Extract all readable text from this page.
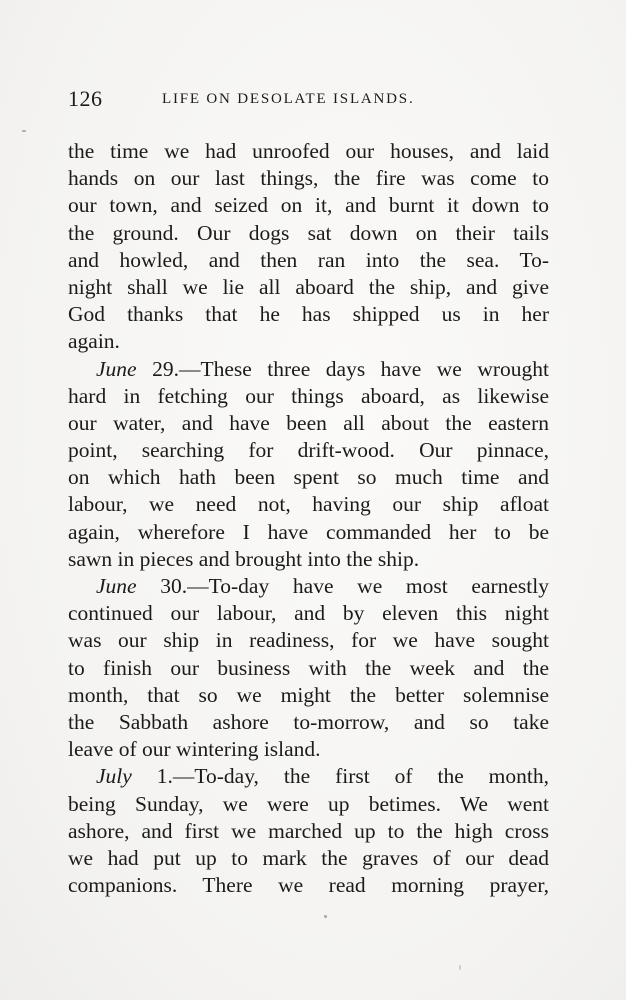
126	LIFE ON DESOLATE ISLANDS.
the time we had unroofed our houses, and laid
hands on our last things, the fire was come to
our town, and seized on it, and burnt it down to
the ground. Our dogs sat down on their tails
and howled, and then ran into the sea. To-
night shall we lie all aboard the ship, and give
God thanks that he has shipped us in her
again.
June 29.—These three days have we wrought
hard in fetching our things aboard, as likewise
our water, and have been all about the eastern
point, searching for drift-wood. Our pinnace,
on which hath been spent so much time and
labour, we need not, having our ship afloat
again, wherefore I have commanded her to be
sawn in pieces and brought into the ship.
June 30.—To-day have we most earnestly
continued our labour, and by eleven this night
was our ship in readiness, for we have sought
to finish our business with the week and the
month, that so we might the better solemnise
the Sabbath ashore to-morrow, and so take
leave of our wintering island.
July 1.—To-day, the first of the month,
being Sunday, we were up betimes. We went
ashore, and first we marched up to the high cross
we had put up to mark the graves of our dead
companions. There we read morning prayer,
